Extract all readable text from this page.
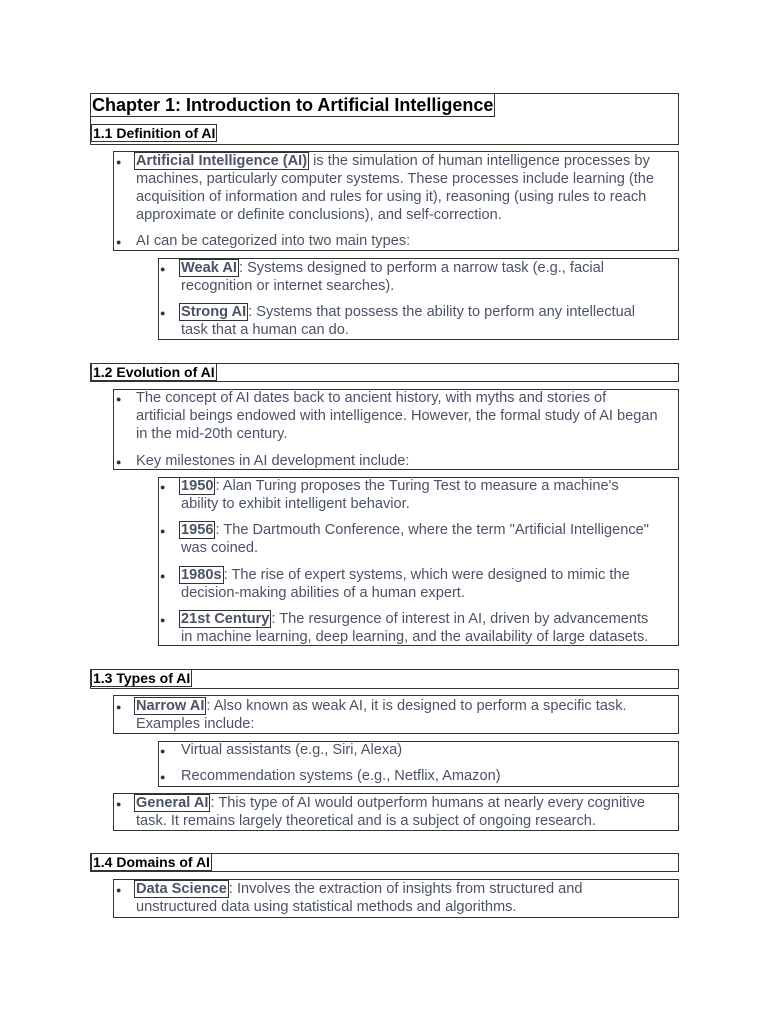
Chapter 1: Introduction to Artificial Intelligence
1.1 Definition of AI
● Artificial Intelligence (AI) is the simulation of human intelligence processes by
machines, particularly computer systems. These processes include learning (the
acquisition of information and rules for using it), reasoning (using rules to reach
approximate or definite conclusions), and self-correction.
● AI can be categorized into two main types:
● Weak AI : Systems designed to perform a narrow task (e.g., facial
recognition or internet searches).
● Strong AI : Systems that possess the ability to perform any intellectual
task that a human can do.
1.2 Evolution of AI
● The concept of AI dates back to ancient history, with myths and stories of
artificial beings endowed with intelligence. However, the formal study of AI began
in the mid-20th century.
● Key milestones in AI development include:
● 1950 : Alan Turing proposes the Turing Test to measure a machine's
ability to exhibit intelligent behavior.
● 1956 : The Dartmouth Conference, where the term "Artificial Intelligence"
was coined.
● 1980s : The rise of expert systems, which were designed to mimic the
decision-making abilities of a human expert.
● 21st Century : The resurgence of interest in AI, driven by advancements
in machine learning, deep learning, and the availability of large datasets.
1.3 Types of AI
● Narrow AI : Also known as weak AI, it is designed to perform a specific task.
Examples include:
● Virtual assistants (e.g., Siri, Alexa)
● Recommendation systems (e.g., Netflix, Amazon)
● General AI : This type of AI would outperform humans at nearly every cognitive
task. It remains largely theoretical and is a subject of ongoing research.
1.4 Domains of AI
● Data Science : Involves the extraction of insights from structured and
unstructured data using statistical methods and algorithms.
